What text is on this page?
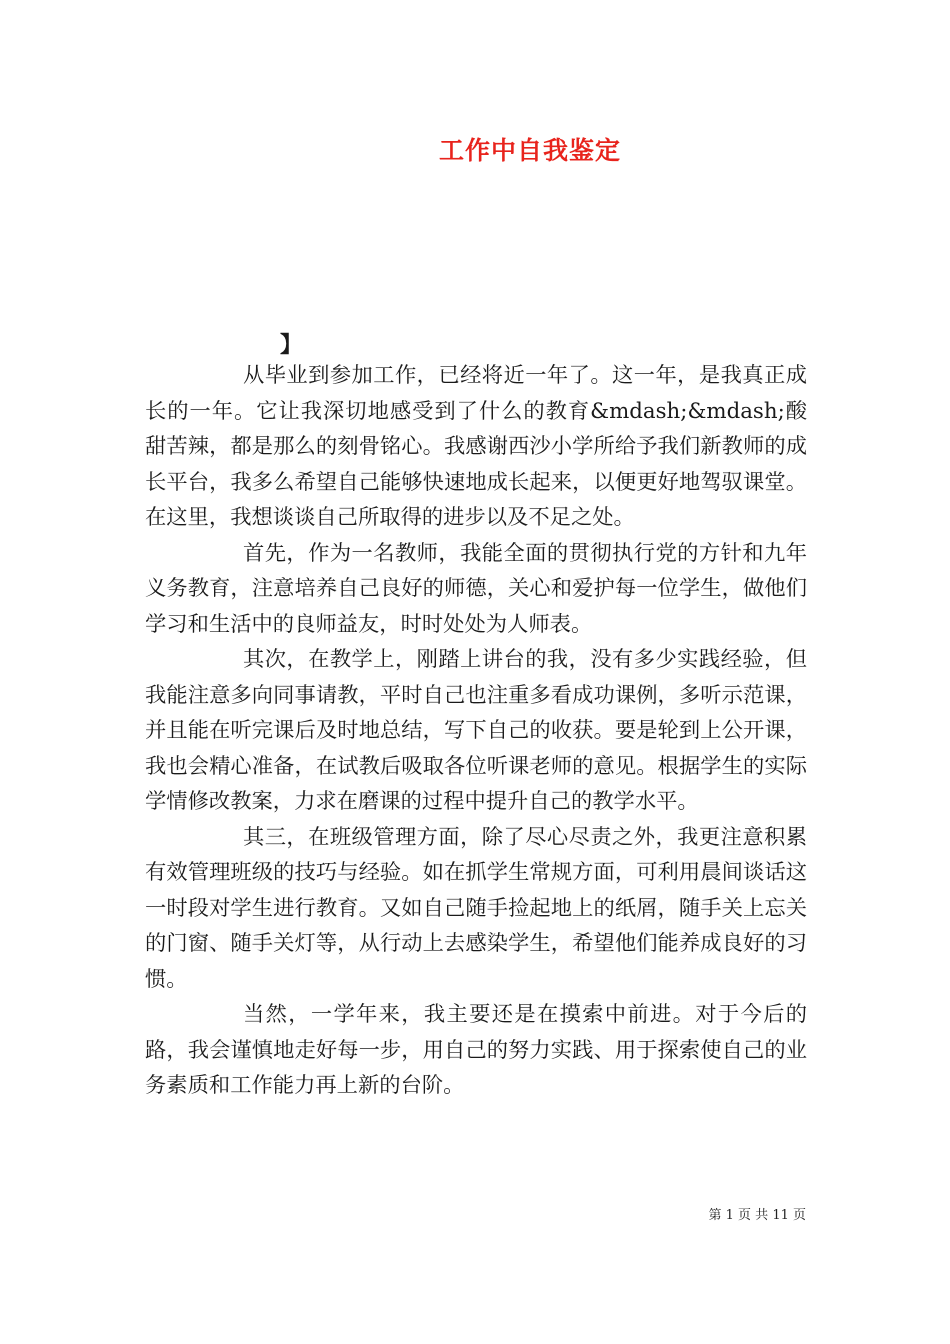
工作中自我鉴定
】

从毕业到参加工作，已经将近一年了。这一年，是我真正成长的一年。它让我深切地感受到了什么的教育&mdash;&mdash;酸甜苦辣，都是那么的刻骨铭心。我感谢西沙小学所给予我们新教师的成长平台，我多么希望自己能够快速地成长起来，以便更好地驾驭课堂。在这里，我想谈谈自己所取得的进步以及不足之处。

首先，作为一名教师，我能全面的贯彻执行党的方针和九年义务教育，注意培养自己良好的师德，关心和爱护每一位学生，做他们学习和生活中的良师益友，时时处处为人师表。

其次，在教学上，刚踏上讲台的我，没有多少实践经验，但我能注意多向同事请教，平时自己也注重多看成功课例，多听示范课，并且能在听完课后及时地总结，写下自己的收获。要是轮到上公开课，我也会精心准备，在试教后吸取各位听课老师的意见。根据学生的实际学情修改教案，力求在磨课的过程中提升自己的教学水平。

其三，在班级管理方面，除了尽心尽责之外，我更注意积累有效管理班级的技巧与经验。如在抓学生常规方面，可利用晨间谈话这一时段对学生进行教育。又如自己随手捡起地上的纸屑，随手关上忘关的门窗、随手关灯等，从行动上去感染学生，希望他们能养成良好的习惯。

当然，一学年来，我主要还是在摸索中前进。对于今后的路，我会谨慎地走好每一步，用自己的努力实践、用于探索使自己的业务素质和工作能力再上新的台阶。

第 1 页 共 11 页
